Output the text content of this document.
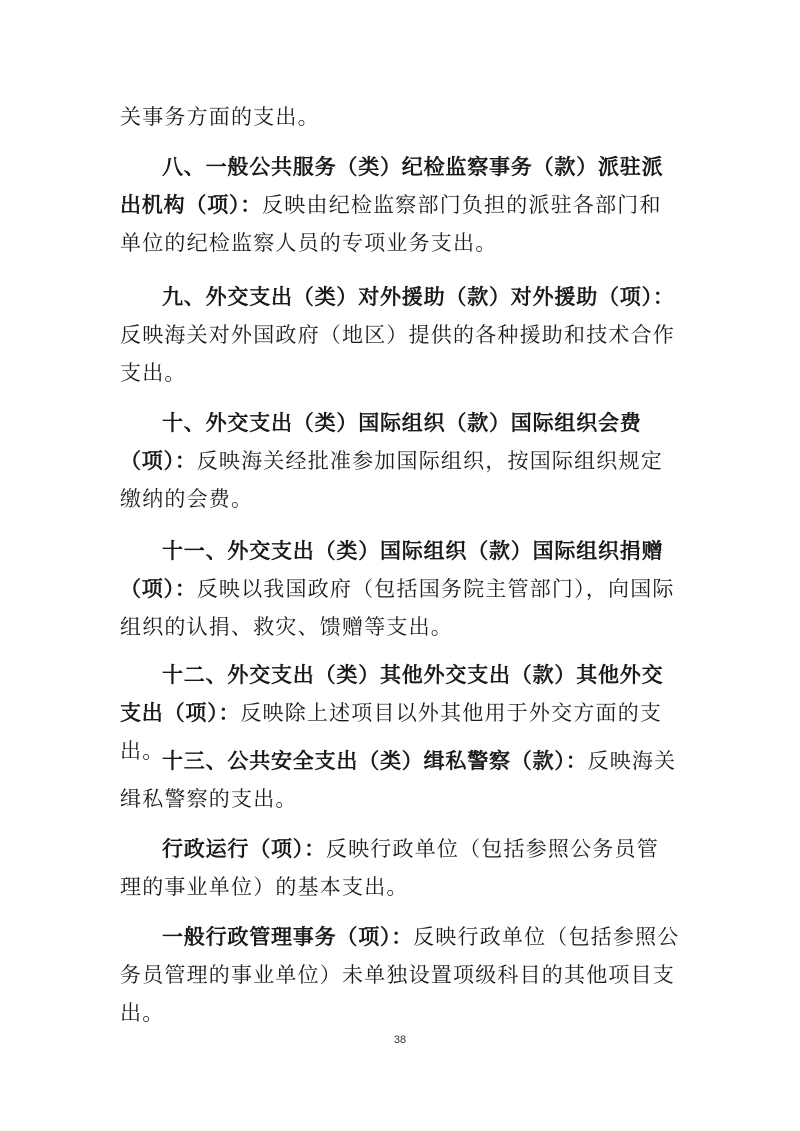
关事务方面的支出。

八、一般公共服务（类）纪检监察事务（款）派驻派出机构（项）：反映由纪检监察部门负担的派驻各部门和单位的纪检监察人员的专项业务支出。

九、外交支出（类）对外援助（款）对外援助（项）：反映海关对外国政府（地区）提供的各种援助和技术合作支出。

十、外交支出（类）国际组织（款）国际组织会费（项）：反映海关经批准参加国际组织，按国际组织规定缴纳的会费。

十一、外交支出（类）国际组织（款）国际组织捐赠（项）：反映以我国政府（包括国务院主管部门），向国际组织的认捐、救灾、馈赠等支出。

十二、外交支出（类）其他外交支出（款）其他外交支出（项）：反映除上述项目以外其他用于外交方面的支出。

十三、公共安全支出（类）缉私警察（款）：反映海关缉私警察的支出。

行政运行（项）：反映行政单位（包括参照公务员管理的事业单位）的基本支出。

一般行政管理事务（项）：反映行政单位（包括参照公务员管理的事业单位）未单独设置项级科目的其他项目支出。

38
